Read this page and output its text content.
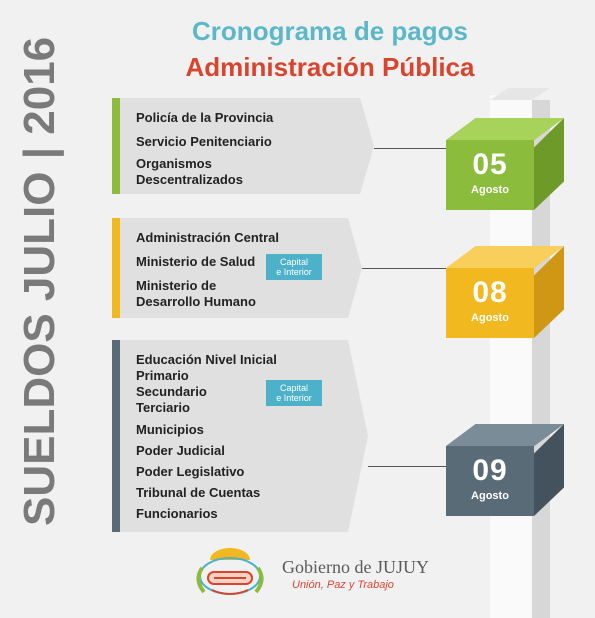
Cronograma de pagos
Administración Pública
SUELDOS JULIO | 2016	Policía de la Provincia
Servicio Penitenciario
Organismos
Descentralizados	05
Agosto
Administración Central
Ministerio de Salud
Ministerio de
Desarrollo Humano
Capital
e Interior
08
Agosto
Educación Nivel Inicial
Primario
Secundario
Terciario
Municipios
Poder Judicial
Poder Legislativo
Tribunal de Cuentas
Funcionarios
Capital
e Interior
09
Agosto
Gobierno de JUJUY
Unión, Paz y Trabajo
